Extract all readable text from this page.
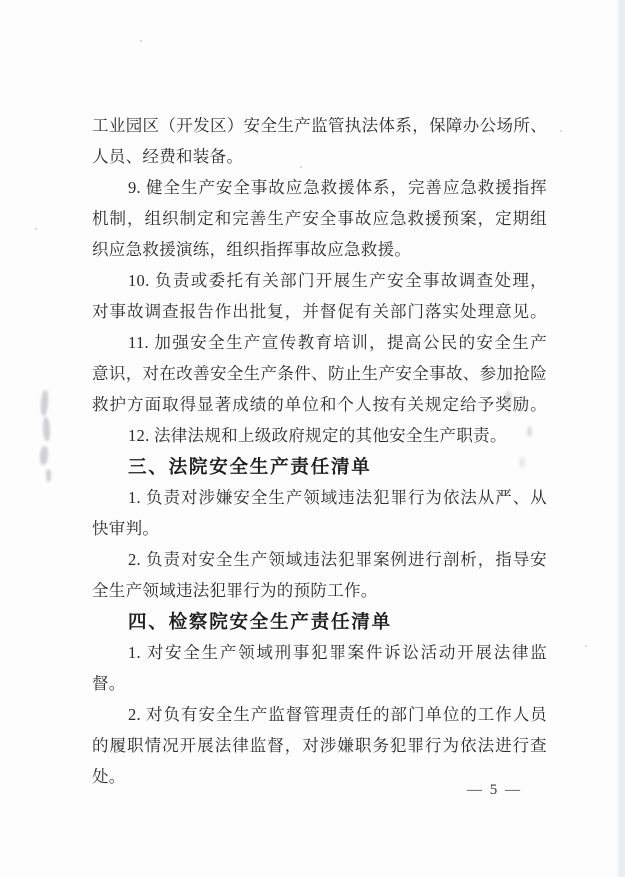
工业园区（开发区）安全生产监管执法体系，保障办公场所、
人员、经费和装备。
9. 健全生产安全事故应急救援体系，完善应急救援指挥
机制，组织制定和完善生产安全事故应急救援预案，定期组
织应急救援演练，组织指挥事故应急救援。
10. 负责或委托有关部门开展生产安全事故调查处理，
对事故调查报告作出批复，并督促有关部门落实处理意见。
11. 加强安全生产宣传教育培训，提高公民的安全生产
意识，对在改善安全生产条件、防止生产安全事故、参加抢险
救护方面取得显著成绩的单位和个人按有关规定给予奖励。
12. 法律法规和上级政府规定的其他安全生产职责。
三、法院安全生产责任清单
1. 负责对涉嫌安全生产领域违法犯罪行为依法从严、从
快审判。
2. 负责对安全生产领域违法犯罪案例进行剖析，指导安
全生产领域违法犯罪行为的预防工作。
四、检察院安全生产责任清单
1. 对安全生产领域刑事犯罪案件诉讼活动开展法律监
督。
2. 对负有安全生产监督管理责任的部门单位的工作人员
的履职情况开展法律监督，对涉嫌职务犯罪行为依法进行查
处。
— 5 —
